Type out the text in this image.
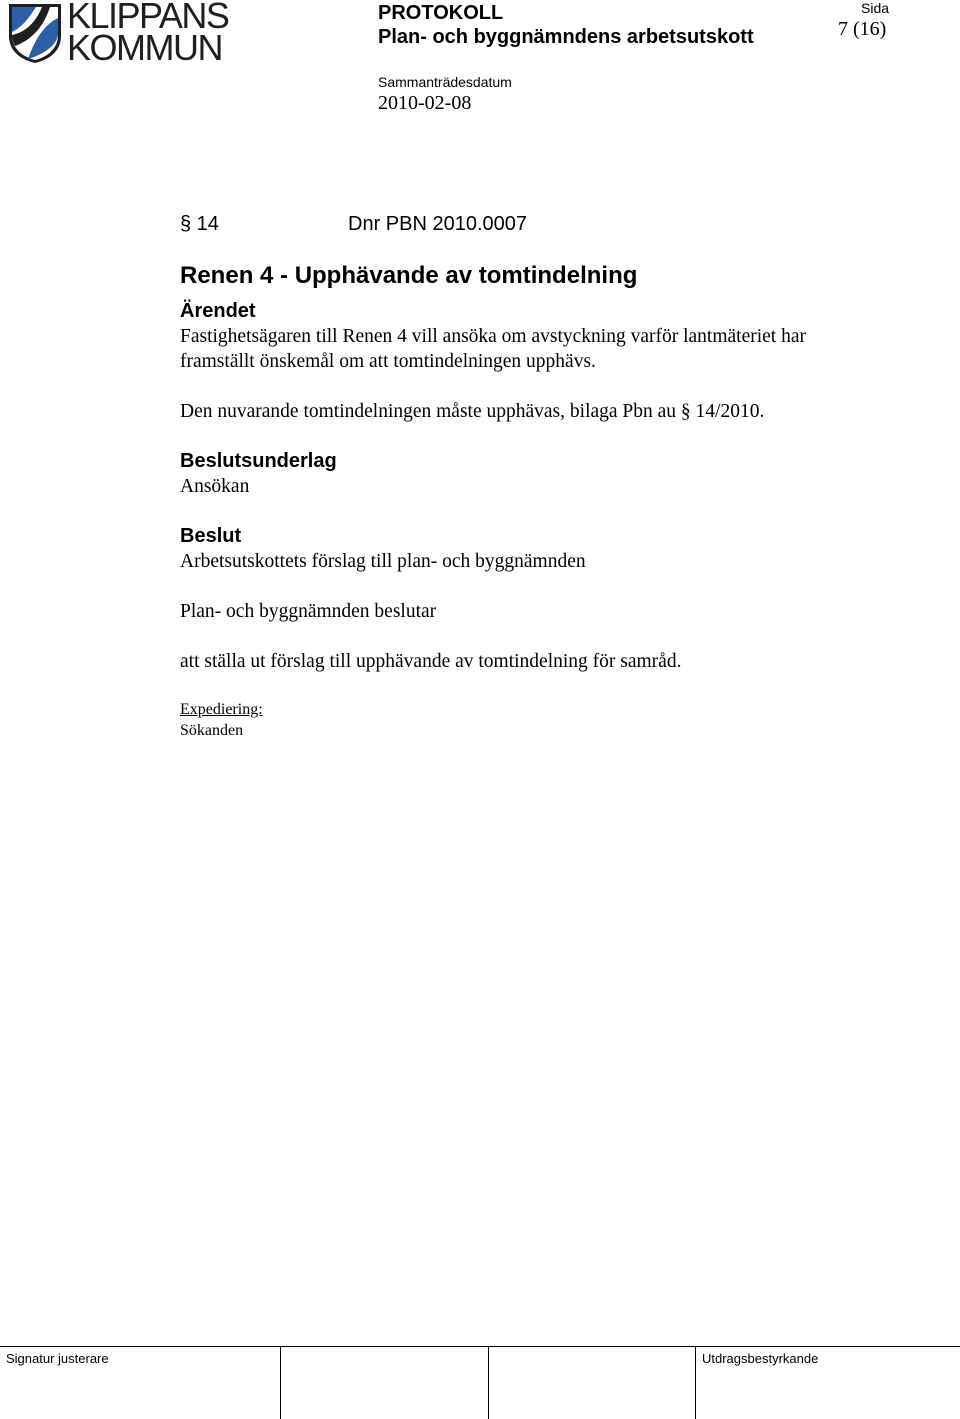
KLIPPANS
KOMMUN
PROTOKOLL
Plan- och byggnämndens arbetsutskott
Sida
7 (16)
Sammanträdesdatum
2010-02-08
§ 14	Dnr PBN 2010.0007
Renen 4 - Upphävande av tomtindelning
Ärendet
Fastighetsägaren till Renen 4 vill ansöka om avstyckning varför lantmäteriet har
framställt önskemål om att tomtindelningen upphävs.
Den nuvarande tomtindelningen måste upphävas, bilaga Pbn au § 14/2010.
Beslutsunderlag
Ansökan
Beslut
Arbetsutskottets förslag till plan- och byggnämnden
Plan- och byggnämnden beslutar
att ställa ut förslag till upphävande av tomtindelning för samråd.
Expediering:
Sökanden
Signatur justerare	Utdragsbestyrkande
